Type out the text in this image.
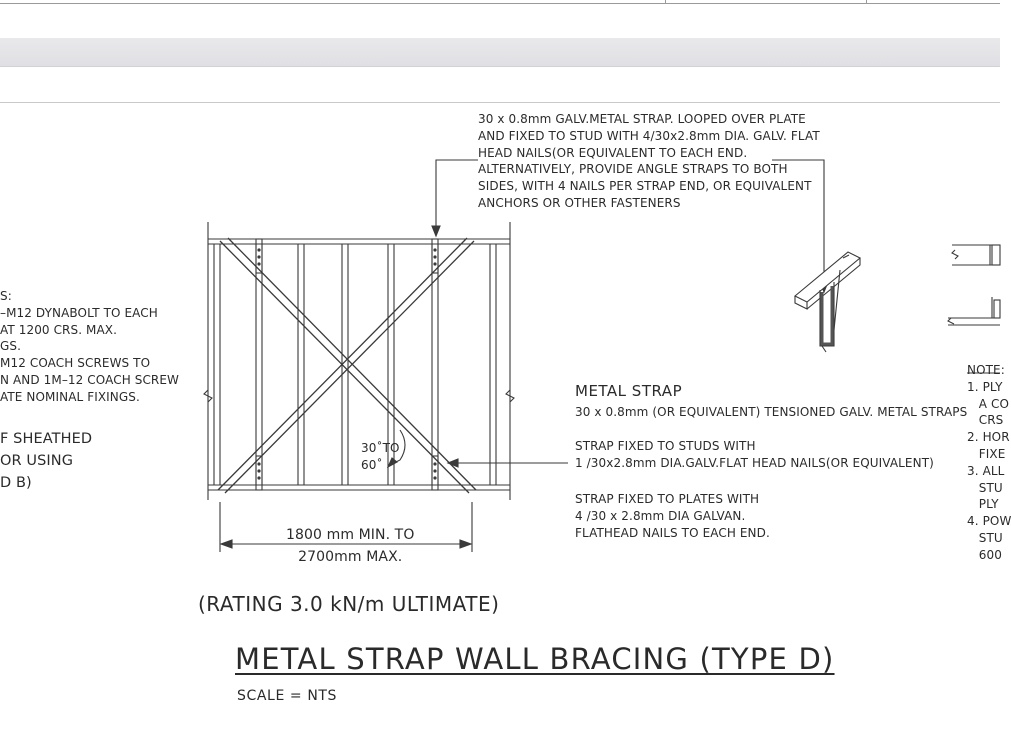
30 x 0.8mm GALV.METAL STRAP. LOOPED OVER PLATE
AND FIXED TO STUD WITH 4/30x2.8mm DIA. GALV. FLAT
HEAD NAILS(OR EQUIVALENT TO EACH END.
ALTERNATIVELY, PROVIDE ANGLE STRAPS TO BOTH
SIDES, WITH 4 NAILS PER STRAP END, OR EQUIVALENT
ANCHORS OR OTHER FASTENERS

S:
–M12 DYNABOLT TO EACH
AT 1200 CRS. MAX.
GS.
M12 COACH SCREWS TO
N AND 1M–12 COACH SCREW
ATE NOMINAL FIXINGS.

F SHEATHED
OR USING
D B)

30˚TO
60˚

METAL STRAP

30 x 0.8mm (OR EQUIVALENT) TENSIONED GALV. METAL STRAPS

STRAP FIXED TO STUDS WITH
1 /30x2.8mm DIA.GALV.FLAT HEAD NAILS(OR EQUIVALENT)

STRAP FIXED TO PLATES WITH
4 /30 x 2.8mm DIA GALVAN.
FLATHEAD NAILS TO EACH END.

1800 mm MIN. TO
2700mm MAX.

NOTE:
1. PLY
A CO
CRS
2. HOR
FIXE
3. ALL
STU
PLY
4. POW
STU
600

(RATING 3.0 kN/m ULTIMATE)

METAL STRAP WALL BRACING (TYPE D)

SCALE = NTS
